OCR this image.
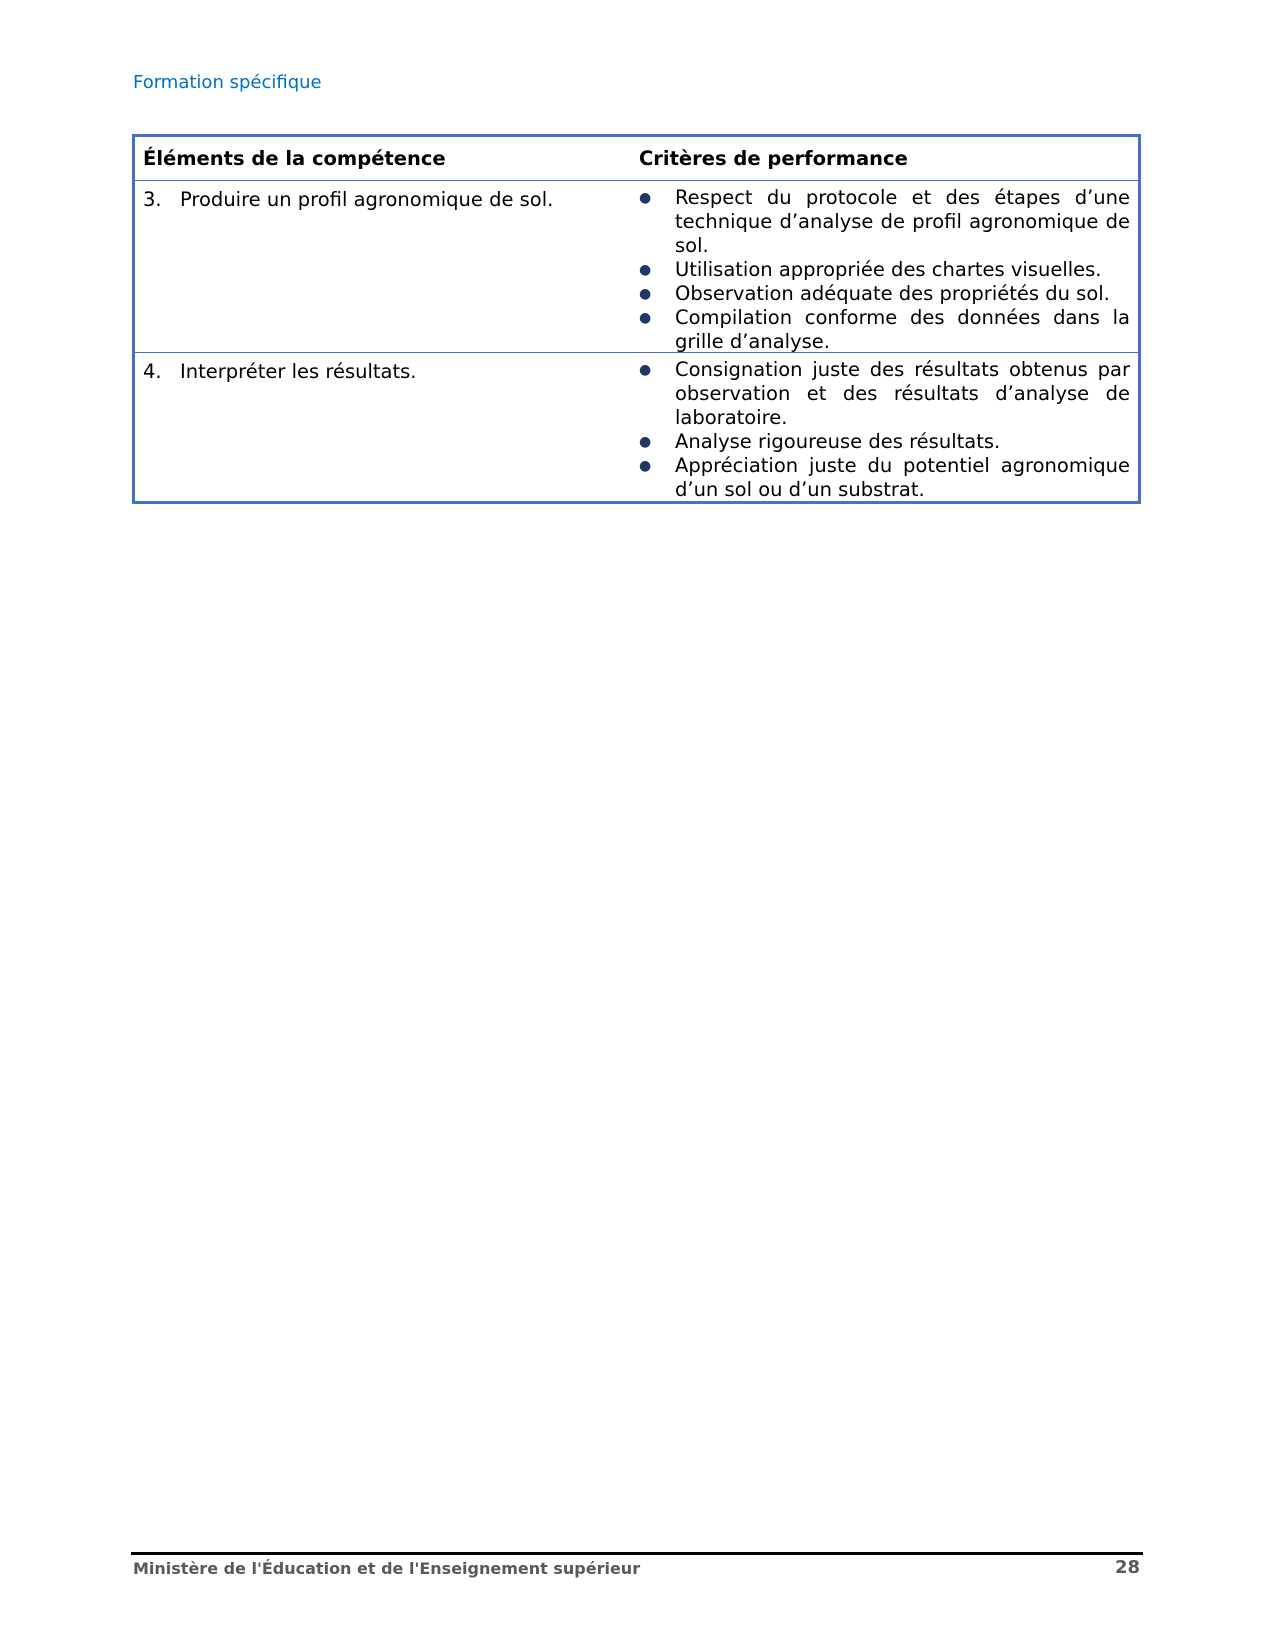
Formation spécifique
Éléments de la compétence	Critères de performance
3. Produire un profil agronomique de sol.	●	Respect du protocole et des étapes d’une technique d’analyse de profil agronomique de sol.
●	Utilisation appropriée des chartes visuelles.
●	Observation adéquate des propriétés du sol.
●	Compilation conforme des données dans la grille d’analyse.
4. Interpréter les résultats.	●	Consignation juste des résultats obtenus par observation et des résultats d’analyse de laboratoire.
●	Analyse rigoureuse des résultats.
●	Appréciation juste du potentiel agronomique d’un sol ou d’un substrat.
Ministère de l'Éducation et de l'Enseignement supérieur	28
